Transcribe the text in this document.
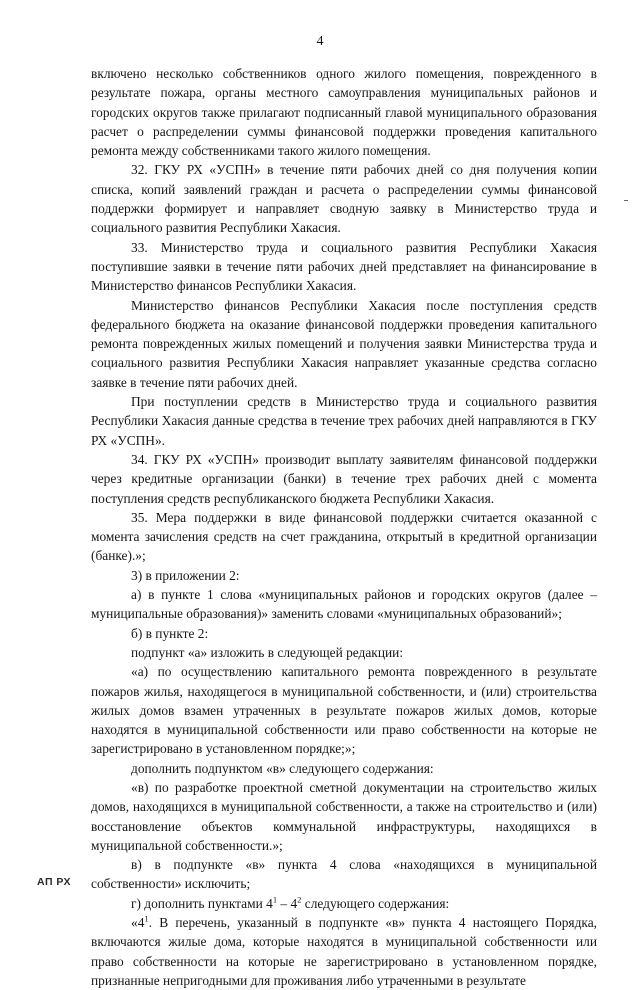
4

включено несколько собственников одного жилого помещения, поврежденного в результате пожара, органы местного самоуправления муниципальных районов и городских округов также прилагают подписанный главой муниципального образования расчет о распределении суммы финансовой поддержки проведения капитального ремонта между собственниками такого жилого помещения.

32. ГКУ РХ «УСПН» в течение пяти рабочих дней со дня получения копии списка, копий заявлений граждан и расчета о распределении суммы финансовой поддержки формирует и направляет сводную заявку в Министерство труда и социального развития Республики Хакасия.

33. Министерство труда и социального развития Республики Хакасия поступившие заявки в течение пяти рабочих дней представляет на финансирование в Министерство финансов Республики Хакасия.

Министерство финансов Республики Хакасия после поступления средств федерального бюджета на оказание финансовой поддержки проведения капитального ремонта поврежденных жилых помещений и получения заявки Министерства труда и социального развития Республики Хакасия направляет указанные средства согласно заявке в течение пяти рабочих дней.

При поступлении средств в Министерство труда и социального развития Республики Хакасия данные средства в течение трех рабочих дней направляются в ГКУ РХ «УСПН».

34. ГКУ РХ «УСПН» производит выплату заявителям финансовой поддержки через кредитные организации (банки) в течение трех рабочих дней с момента поступления средств республиканского бюджета Республики Хакасия.

35. Мера поддержки в виде финансовой поддержки считается оказанной с момента зачисления средств на счет гражданина, открытый в кредитной организации (банке).»;

3) в приложении 2:

а) в пункте 1 слова «муниципальных районов и городских округов (далее – муниципальные образования)» заменить словами «муниципальных образований»;

б) в пункте 2:

подпункт «а» изложить в следующей редакции:

«а) по осуществлению капитального ремонта поврежденного в результате пожаров жилья, находящегося в муниципальной собственности, и (или) строительства жилых домов взамен утраченных в результате пожаров жилых домов, которые находятся в муниципальной собственности или право собственности на которые не зарегистрировано в установленном порядке;»;

дополнить подпунктом «в» следующего содержания:

«в) по разработке проектной сметной документации на строительство жилых домов, находящихся в муниципальной собственности, а также на строительство и (или) восстановление объектов коммунальной инфраструктуры, находящихся в муниципальной собственности.»;

в) в подпункте «в» пункта 4 слова «находящихся в муниципальной собственности» исключить;

г) дополнить пунктами $4^1 - 4^2$ следующего содержания:

«$4^1$. В перечень, указанный в подпункте «в» пункта 4 настоящего Порядка, включаются жилые дома, которые находятся в муниципальной собственности или право собственности на которые не зарегистрировано в установленном порядке, признанные непригодными для проживания либо утраченными в результате

АП РХ
